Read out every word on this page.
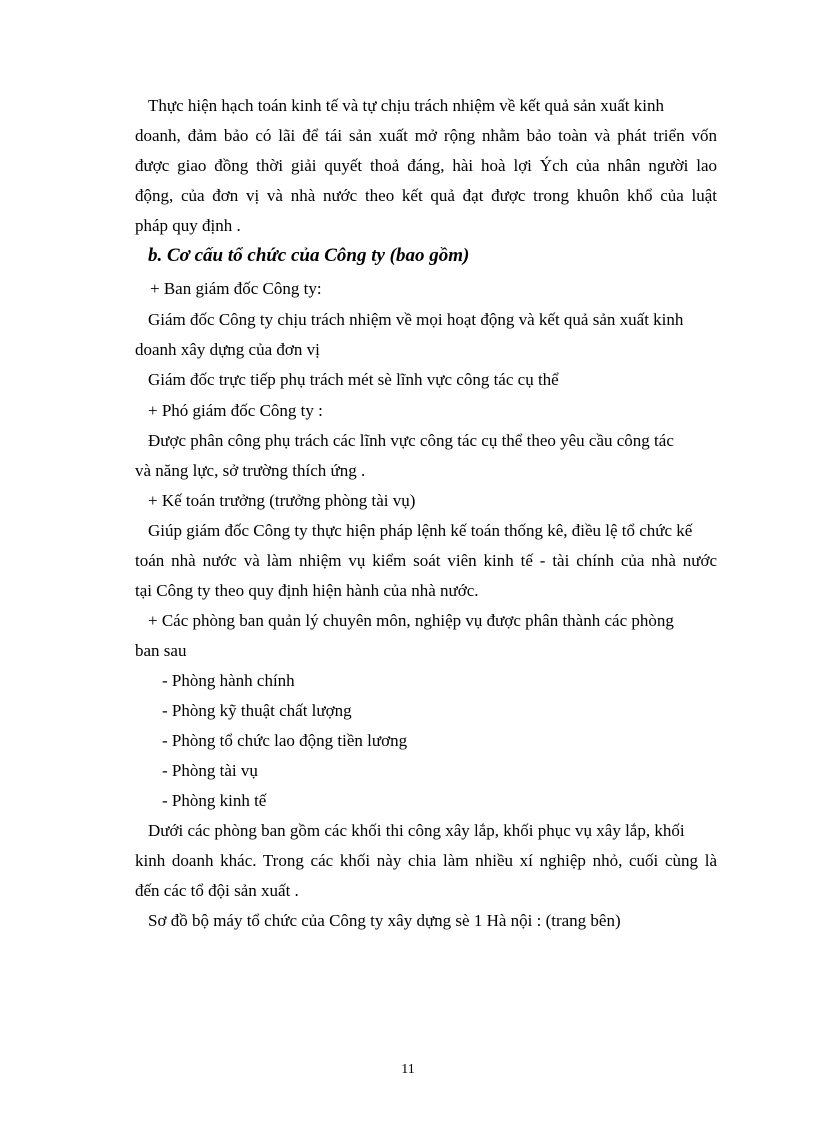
Thực hiện hạch toán kinh tế và tự chịu trách nhiệm về kết quả sản xuất kinh
doanh, đảm bảo có lãi để tái sản xuất mở rộng nhằm bảo toàn và phát triển vốn
được giao đồng thời giải quyết thoả đáng, hài hoà lợi Ých của nhân người lao
động, của đơn vị và nhà nước theo kết quả đạt được trong khuôn khổ của luật
pháp quy định .
b. Cơ cấu tổ chức của Công ty (bao gồm)
+ Ban giám đốc Công ty:
Giám đốc Công ty chịu trách nhiệm về mọi hoạt động và kết quả sản xuất kinh
doanh xây dựng của đơn vị
Giám đốc trực tiếp phụ trách mét sè lĩnh vực công tác cụ thể
+ Phó giám đốc Công ty :
Được phân công phụ trách các lĩnh vực công tác cụ thể theo yêu cầu công tác
và năng lực, sở trường thích ứng .
+ Kế toán trưởng (trưởng phòng tài vụ)
Giúp giám đốc Công ty thực hiện pháp lệnh kế toán thống kê, điều lệ tổ chức kế
toán nhà nước và làm nhiệm vụ kiểm soát viên kinh tế - tài chính của nhà nước
tại Công ty theo quy định hiện hành của nhà nước.
+ Các phòng ban quản lý chuyên môn, nghiệp vụ được phân thành các phòng
ban sau
- Phòng hành chính
- Phòng kỹ thuật chất lượng
- Phòng tổ chức lao động tiền lương
- Phòng tài vụ
- Phòng kinh tế
Dưới các phòng ban gồm các khối thi công xây lắp, khối phục vụ xây lắp, khối
kinh doanh khác. Trong các khối này chia làm nhiều xí nghiệp nhỏ, cuối cùng là
đến các tổ đội sản xuất .
Sơ đồ bộ máy tổ chức của Công ty xây dựng sè 1 Hà nội : (trang bên)
11
